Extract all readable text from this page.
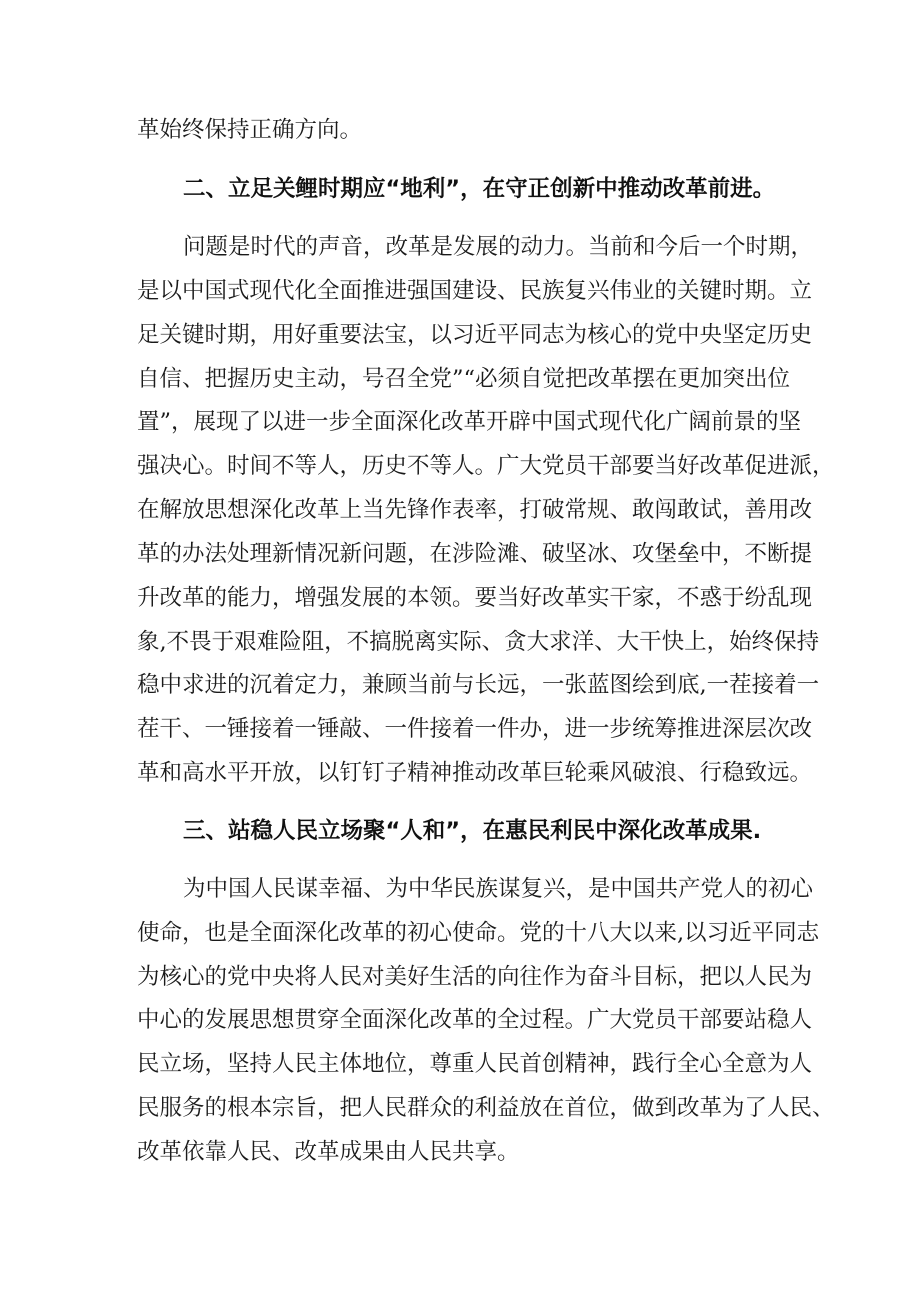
革始终保持正确方向。
二、立足关鲤时期应“地利”，在守正创新中推动改革前进。
问题是时代的声音，改革是发展的动力。当前和今后一个时期，
是以中国式现代化全面推进强国建设、民族复兴伟业的关键时期。立
足关键时期，用好重要法宝，以习近平同志为核心的党中央坚定历史
自信、把握历史主动，号召全党”“必须自觉把改革摆在更加突出位
置”，展现了以进一步全面深化改革开辟中国式现代化广阔前景的坚
强决心。时间不等人，历史不等人。广大党员干部要当好改革促进派，
在解放思想深化改革上当先锋作表率，打破常规、敢闯敢试，善用改
革的办法处理新情况新问题，在涉险滩、破坚冰、攻堡垒中，不断提
升改革的能力，增强发展的本领。要当好改革实干家，不惑于纷乱现
象,不畏于艰难险阻，不搞脱离实际、贪大求洋、大干快上，始终保持
稳中求进的沉着定力，兼顾当前与长远，一张蓝图绘到底,一茬接着一
茬干、一锤接着一锤敲、一件接着一件办，进一步统筹推进深层次改
革和高水平开放，以钉钉子精神推动改革巨轮乘风破浪、行稳致远。
三、站稳人民立场聚“人和”，在惠民利民中深化改革成果.
为中国人民谋幸福、为中华民族谋复兴，是中国共产党人的初心
使命，也是全面深化改革的初心使命。党的十八大以来,以习近平同志
为核心的党中央将人民对美好生活的向往作为奋斗目标，把以人民为
中心的发展思想贯穿全面深化改革的全过程。广大党员干部要站稳人
民立场，坚持人民主体地位，尊重人民首创精神，践行全心全意为人
民服务的根本宗旨，把人民群众的利益放在首位，做到改革为了人民、
改革依靠人民、改革成果由人民共享。
